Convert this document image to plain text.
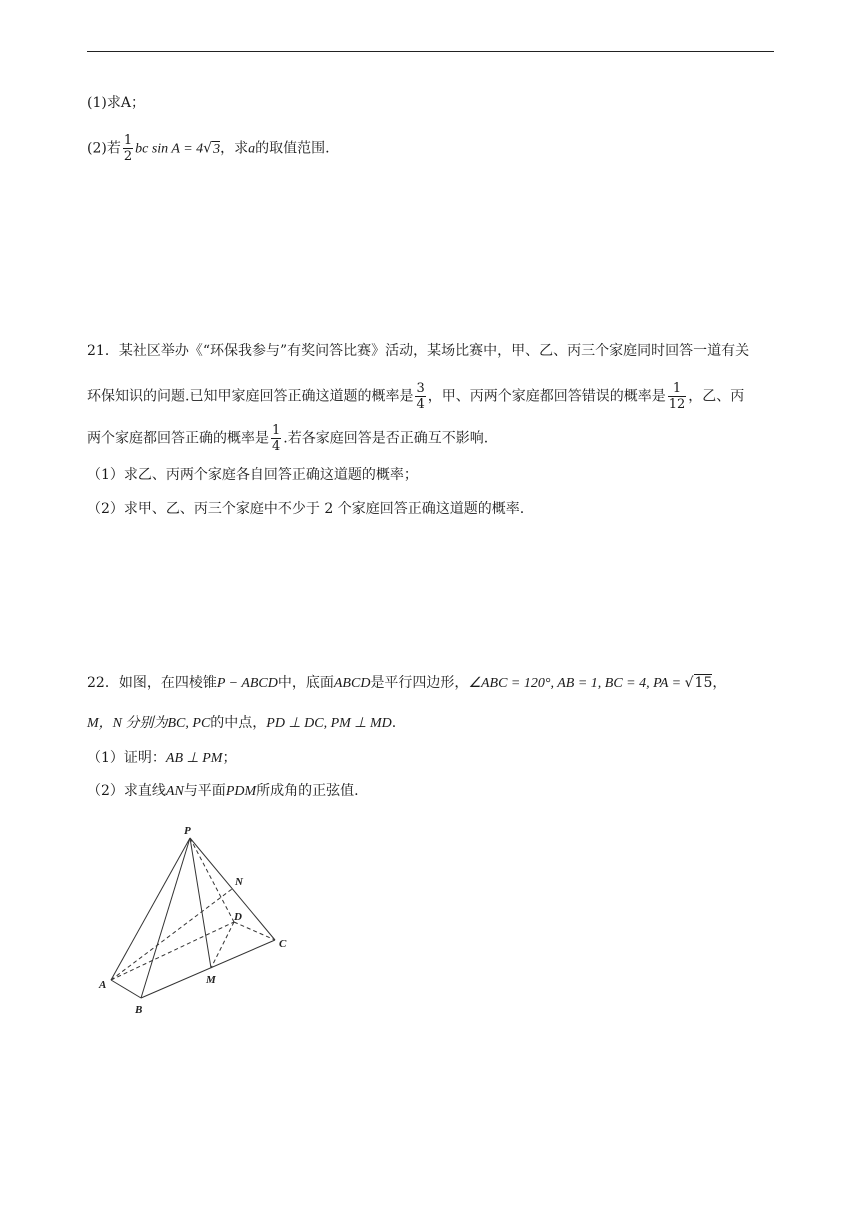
(1)求A；
(2)若 $\frac{1}{2}$ bc sin A = 4√3，求a的取值范围.
21．某社区举办《“环保我参与”有奖问答比赛》活动，某场比赛中，甲、乙、丙三个家庭同时回答一道有关
环保知识的问题.已知甲家庭回答正确这道题的概率是 $\frac{3}{4}$ ，甲、丙两个家庭都回答错误的概率是 $\frac{1}{12}$ ，乙、丙
两个家庭都回答正确的概率是 $\frac{1}{4}$ .若各家庭回答是否正确互不影响.
（1）求乙、丙两个家庭各自回答正确这道题的概率；
（2）求甲、乙、丙三个家庭中不少于 2 个家庭回答正确这道题的概率.
22．如图，在四棱锥P − ABCD中，底面ABCD是平行四边形，∠ABC = 120°, AB = 1, BC = 4, PA = √15，
M，N 分别为BC, PC的中点，PD ⊥ DC, PM ⊥ MD.
（1）证明：AB ⊥ PM；
（2）求直线AN与平面PDM所成角的正弦值.
P
N
D
C
A	M
B
